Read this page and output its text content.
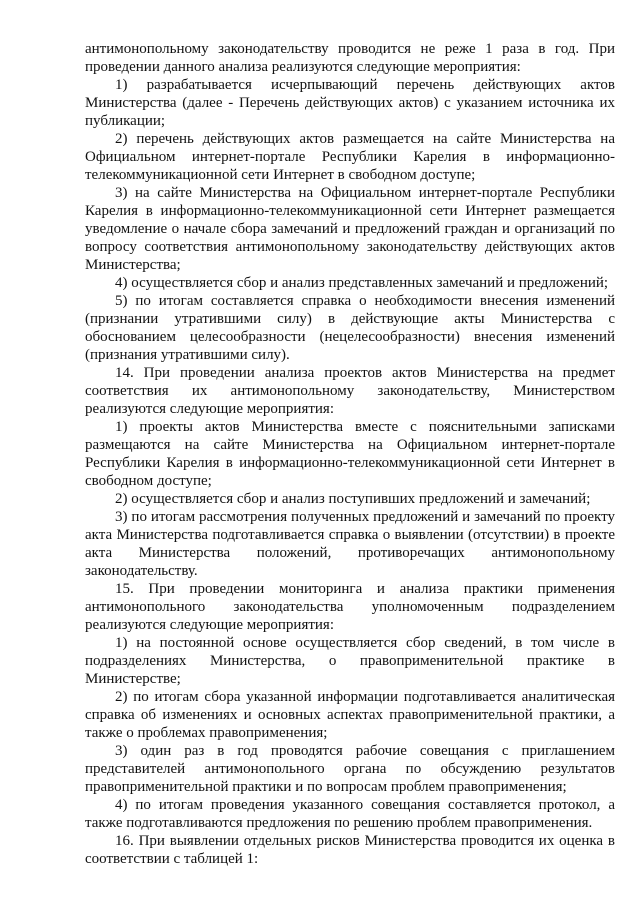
антимонопольному законодательству проводится не реже 1 раза в год. При проведении данного анализа реализуются следующие мероприятия:

1) разрабатывается исчерпывающий перечень действующих актов Министерства (далее - Перечень действующих актов) с указанием источника их публикации;

2) перечень действующих актов размещается на сайте Министерства на Официальном интернет-портале Республики Карелия в информационно-телекоммуникационной сети Интернет в свободном доступе;

3) на сайте Министерства на Официальном интернет-портале Республики Карелия в информационно-телекоммуникационной сети Интернет размещается уведомление о начале сбора замечаний и предложений граждан и организаций по вопросу соответствия антимонопольному законодательству действующих актов Министерства;

4) осуществляется сбор и анализ представленных замечаний и предложений;

5) по итогам составляется справка о необходимости внесения изменений (признании утратившими силу) в действующие акты Министерства с обоснованием целесообразности (нецелесообразности) внесения изменений (признания утратившими силу).

14. При проведении анализа проектов актов Министерства на предмет соответствия их антимонопольному законодательству, Министерством реализуются следующие мероприятия:

1) проекты актов Министерства вместе с пояснительными записками размещаются на сайте Министерства на Официальном интернет-портале Республики Карелия в информационно-телекоммуникационной сети Интернет в свободном доступе;

2) осуществляется сбор и анализ поступивших предложений и замечаний;

3) по итогам рассмотрения полученных предложений и замечаний по проекту акта Министерства подготавливается справка о выявлении (отсутствии) в проекте акта Министерства положений, противоречащих антимонопольному законодательству.

15. При проведении мониторинга и анализа практики применения антимонопольного законодательства уполномоченным подразделением реализуются следующие мероприятия:

1) на постоянной основе осуществляется сбор сведений, в том числе в подразделениях Министерства, о правоприменительной практике в Министерстве;

2) по итогам сбора указанной информации подготавливается аналитическая справка об изменениях и основных аспектах правоприменительной практики, а также о проблемах правоприменения;

3) один раз в год проводятся рабочие совещания с приглашением представителей антимонопольного органа по обсуждению результатов правоприменительной практики и по вопросам проблем правоприменения;

4) по итогам проведения указанного совещания составляется протокол, а также подготавливаются предложения по решению проблем правоприменения.

16. При выявлении отдельных рисков Министерства проводится их оценка в соответствии с таблицей 1:
